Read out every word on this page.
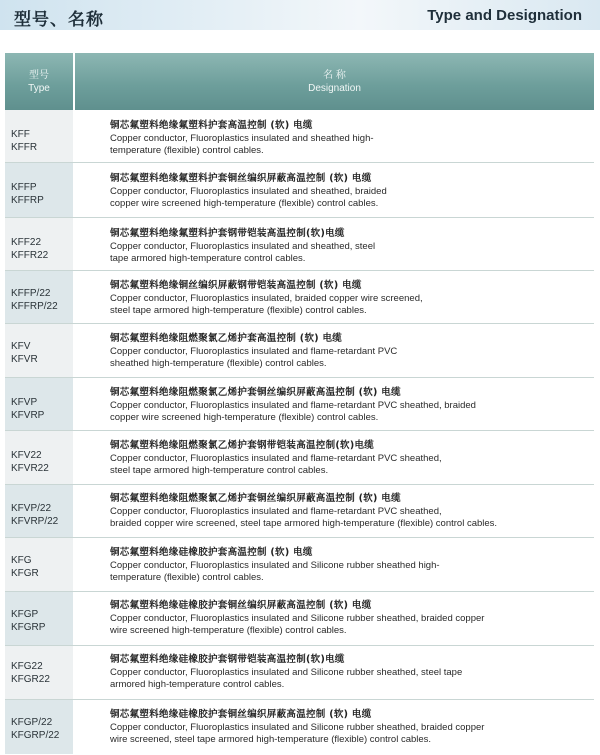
型号、名称	Type and Designation
型号
Type
名 称
Designation
KFF
KFFR
铜芯氟塑料绝缘氟塑料护套高温控制 (软) 电缆
Copper conductor, Fluoroplastics insulated and sheathed high-
temperature (flexible) control cables.
KFFP
KFFRP
铜芯氟塑料绝缘氟塑料护套铜丝编织屏蔽高温控制 (软) 电缆
Copper conductor, Fluoroplastics insulated and sheathed, braided
copper wire screened high-temperature (flexible) control cables.
KFF22
KFFR22
铜芯氟塑料绝缘氟塑料护套钢带铠装高温控制(软)电缆
Copper conductor, Fluoroplastics insulated and sheathed, steel
tape armored high-temperature control cables.
KFFP/22
KFFRP/22
铜芯氟塑料绝缘铜丝编织屏蔽钢带铠装高温控制 (软) 电缆
Copper conductor, Fluoroplastics insulated, braided copper wire screened,
steel tape armored high-temperature (flexible) control cables.
KFV
KFVR
铜芯氟塑料绝缘阻燃聚氯乙烯护套高温控制 (软) 电缆
Copper conductor, Fluoroplastics insulated and flame-retardant PVC
sheathed high-temperature (flexible) control cables.
KFVP
KFVRP
铜芯氟塑料绝缘阻燃聚氯乙烯护套铜丝编织屏蔽高温控制 (软) 电缆
Copper conductor, Fluoroplastics insulated and flame-retardant PVC sheathed, braided
copper wire screened high-temperature (flexible) control cables.
KFV22
KFVR22
铜芯氟塑料绝缘阻燃聚氯乙烯护套钢带铠装高温控制(软)电缆
Copper conductor, Fluoroplastics insulated and flame-retardant PVC sheathed,
steel tape armored high-temperature control cables.
KFVP/22
KFVRP/22
铜芯氟塑料绝缘阻燃聚氯乙烯护套铜丝编织屏蔽高温控制 (软) 电缆
Copper conductor, Fluoroplastics insulated and flame-retardant PVC sheathed,
braided copper wire screened, steel tape armored high-temperature (flexible) control cables.
KFG
KFGR
铜芯氟塑料绝缘硅橡胶护套高温控制 (软) 电缆
Copper conductor, Fluoroplastics insulated and Silicone rubber sheathed high-
temperature (flexible) control cables.
KFGP
KFGRP
铜芯氟塑料绝缘硅橡胶护套铜丝编织屏蔽高温控制 (软) 电缆
Copper conductor, Fluoroplastics insulated and Silicone rubber sheathed, braided copper
wire screened high-temperature (flexible) control cables.
KFG22
KFGR22
铜芯氟塑料绝缘硅橡胶护套钢带铠装高温控制(软)电缆
Copper conductor, Fluoroplastics insulated and Silicone rubber sheathed, steel tape
armored high-temperature control cables.
KFGP/22
KFGRP/22
铜芯氟塑料绝缘硅橡胶护套铜丝编织屏蔽高温控制 (软) 电缆
Copper conductor, Fluoroplastics insulated and Silicone rubber sheathed, braided copper
wire screened, steel tape armored high-temperature (flexible) control cables.
